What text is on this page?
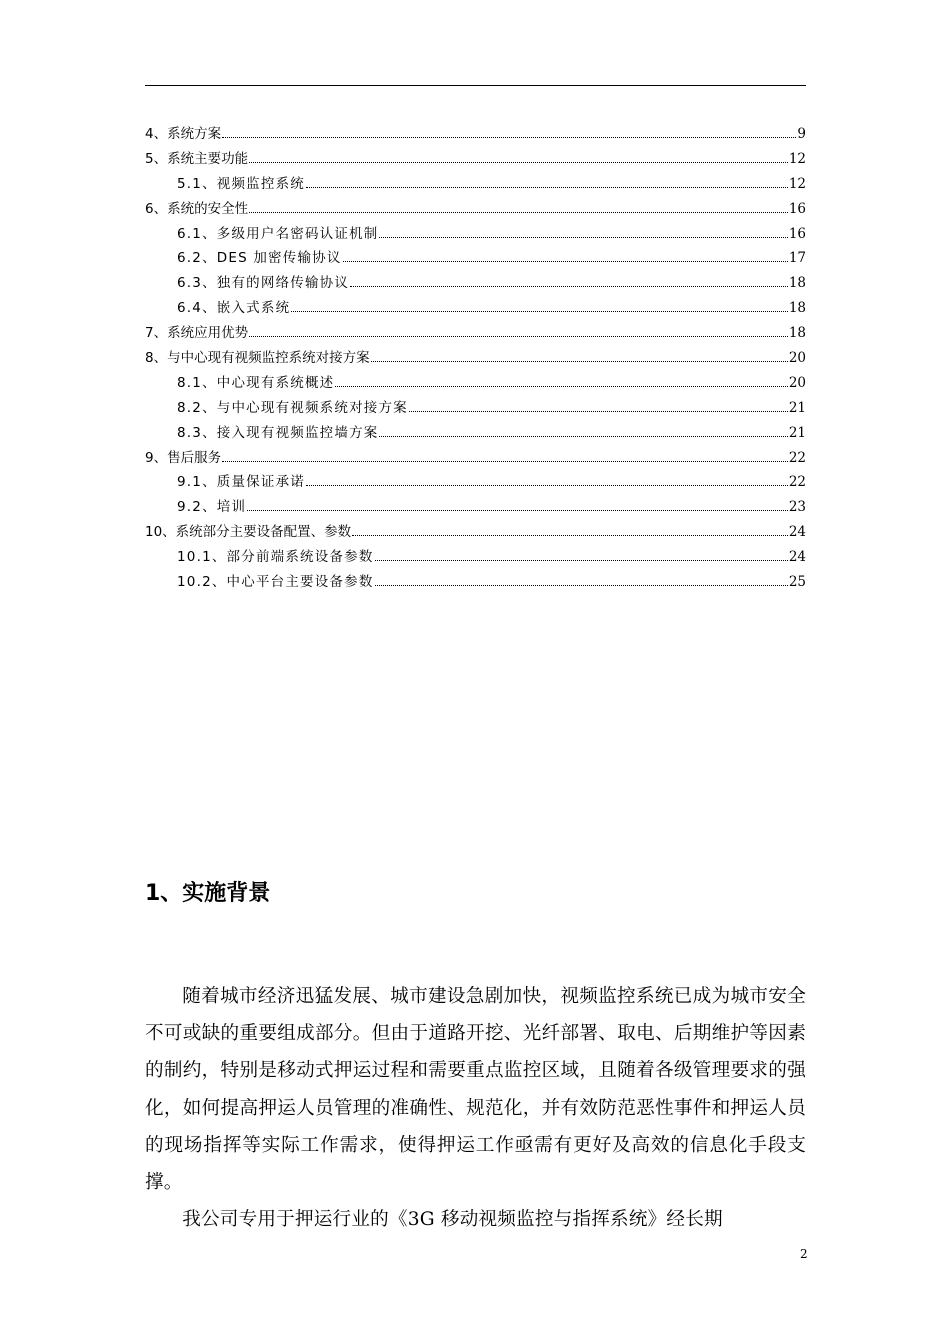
4、系统方案	9
5、系统主要功能	12
5.1、视频监控系统	12
6、系统的安全性	16
6.1、多级用户名密码认证机制	16
6.2、DES 加密传输协议	17
6.3、独有的网络传输协议	18
6.4、嵌入式系统	18
7、系统应用优势	18
8、与中心现有视频监控系统对接方案	20
8.1、中心现有系统概述	20
8.2、与中心现有视频系统对接方案	21
8.3、接入现有视频监控墙方案	21
9、售后服务	22
9.1、质量保证承诺	22
9.2、培训	23
10、系统部分主要设备配置、参数	24
10.1、部分前端系统设备参数	24
10.2、中心平台主要设备参数	25
1、实施背景

随着城市经济迅猛发展、城市建设急剧加快，视频监控系统已成为城市安全不可或缺的重要组成部分。但由于道路开挖、光纤部署、取电、后期维护等因素的制约，特别是移动式押运过程和需要重点监控区域，且随着各级管理要求的强化，如何提高押运人员管理的准确性、规范化，并有效防范恶性事件和押运人员的现场指挥等实际工作需求，使得押运工作亟需有更好及高效的信息化手段支撑。

我公司专用于押运行业的《3G 移动视频监控与指挥系统》经长期

2
